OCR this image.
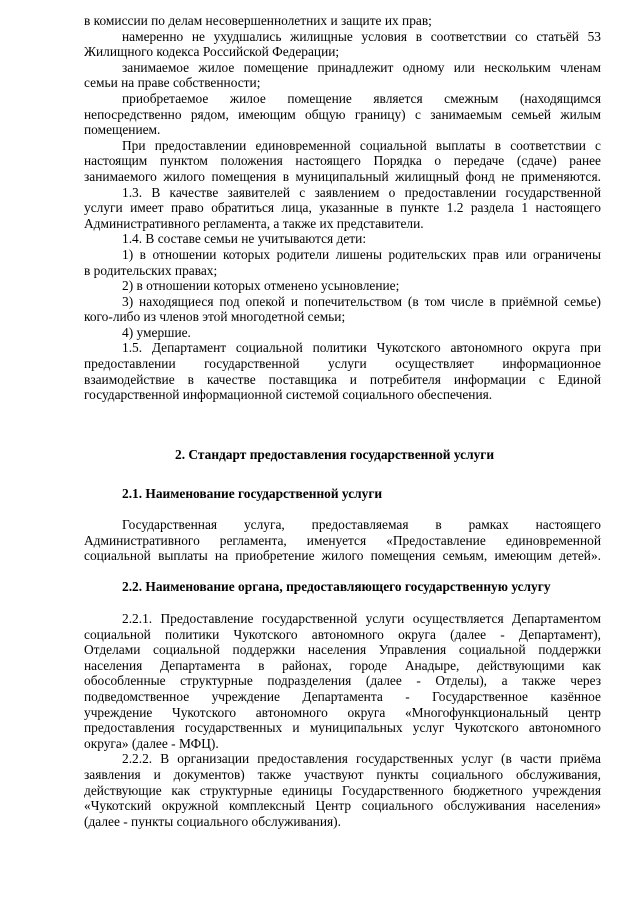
в комиссии по делам несовершеннолетних и защите их прав;
намеренно не ухудшались жилищные условия в соответствии со статьёй 53
Жилищного кодекса Российской Федерации;
занимаемое жилое помещение принадлежит одному или нескольким членам
семьи на праве собственности;
приобретаемое жилое помещение является смежным (находящимся
непосредственно рядом, имеющим общую границу) с занимаемым семьей жилым
помещением.
При предоставлении единовременной социальной выплаты в соответствии с
настоящим пунктом положения настоящего Порядка о передаче (сдаче) ранее
занимаемого жилого помещения в муниципальный жилищный фонд не применяются.
1.3. В качестве заявителей с заявлением о предоставлении государственной
услуги имеет право обратиться лица, указанные в пункте 1.2 раздела 1 настоящего
Административного регламента, а также их представители.
1.4. В составе семьи не учитываются дети:
1) в отношении которых родители лишены родительских прав или ограничены
в родительских правах;
2) в отношении которых отменено усыновление;
3) находящиеся под опекой и попечительством (в том числе в приёмной семье)
кого-либо из членов этой многодетной семьи;
4) умершие.
1.5. Департамент социальной политики Чукотского автономного округа при
предоставлении государственной услуги осуществляет информационное
взаимодействие в качестве поставщика и потребителя информации с Единой
государственной информационной системой социального обеспечения.
2. Стандарт предоставления государственной услуги
2.1. Наименование государственной услуги
Государственная услуга, предоставляемая в рамках настоящего
Административного регламента, именуется «Предоставление единовременной
социальной выплаты на приобретение жилого помещения семьям, имеющим детей».
2.2. Наименование органа, предоставляющего государственную услугу
2.2.1. Предоставление государственной услуги осуществляется Департаментом
социальной политики Чукотского автономного округа (далее - Департамент),
Отделами социальной поддержки населения Управления социальной поддержки
населения Департамента в районах, городе Анадыре, действующими как
обособленные структурные подразделения (далее - Отделы), а также через
подведомственное учреждение Департамента - Государственное казённое
учреждение Чукотского автономного округа «Многофункциональный центр
предоставления государственных и муниципальных услуг Чукотского автономного
округа» (далее - МФЦ).
2.2.2. В организации предоставления государственных услуг (в части приёма
заявления и документов) также участвуют пункты социального обслуживания,
действующие как структурные единицы Государственного бюджетного учреждения
«Чукотский окружной комплексный Центр социального обслуживания населения»
(далее - пункты социального обслуживания).
